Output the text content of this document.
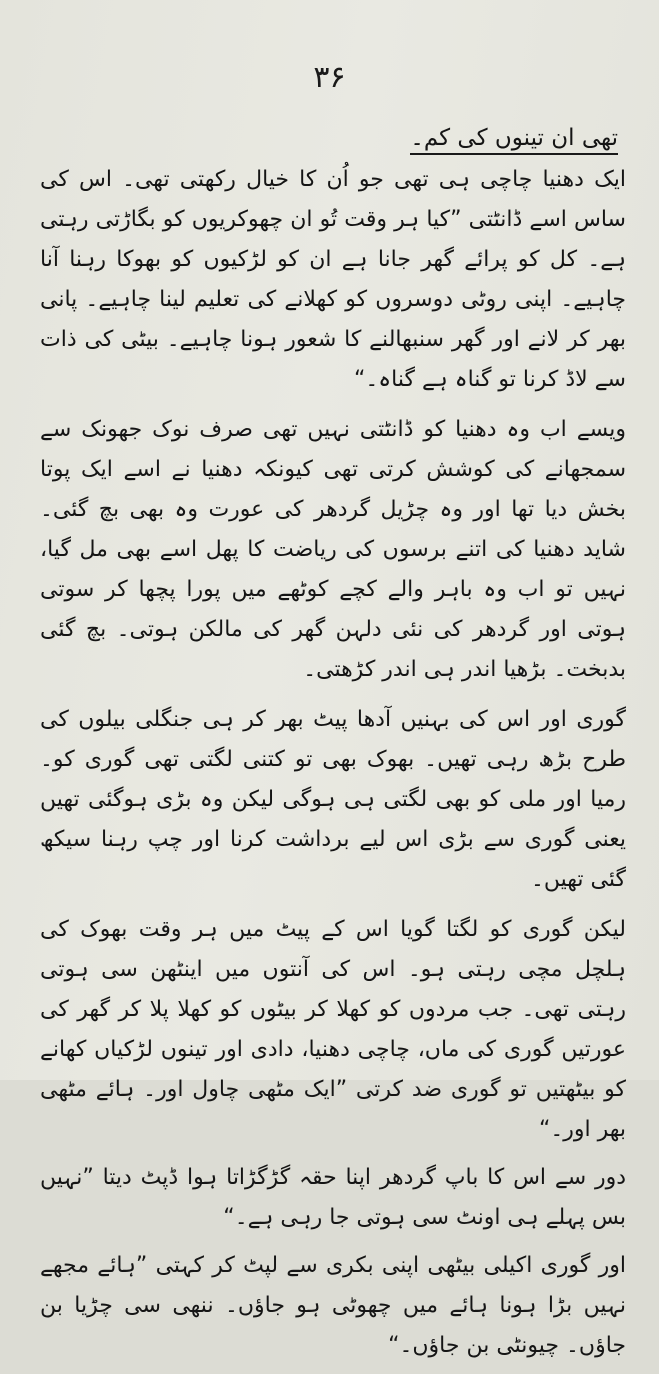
۳۶
تھی ان تینوں کی کم۔

ایک دھنیا چاچی ہی تھی جو اُن کا خیال رکھتی تھی۔ اس کی ساس اسے ڈانٹتی ”کیا ہر وقت تُو ان چھوکریوں کو بگاڑتی رہتی ہے۔ کل کو پرائے گھر جانا ہے ان کو لڑکیوں کو بھوکا رہنا آنا چاہیے۔ اپنی روٹی دوسروں کو کھلانے کی تعلیم لینا چاہیے۔ پانی بھر کر لانے اور گھر سنبھالنے کا شعور ہونا چاہیے۔ بیٹی کی ذات سے لاڈ کرنا تو گناہ ہے گناہ۔“

ویسے اب وہ دھنیا کو ڈانٹتی نہیں تھی صرف نوک جھونک سے سمجھانے کی کوشش کرتی تھی کیونکہ دھنیا نے اسے ایک پوتا بخش دیا تھا اور وہ چڑیل گردھر کی عورت وہ بھی بچ گئی۔ شاید دھنیا کی اتنے برسوں کی ریاضت کا پھل اسے بھی مل گیا، نہیں تو اب وہ باہر والے کچے کوٹھے میں پورا پچھا کر سوتی ہوتی اور گردھر کی نئی دلہن گھر کی مالکن ہوتی۔ بچ گئی بدبخت۔ بڑھیا اندر ہی اندر کڑھتی۔

گوری اور اس کی بہنیں آدھا پیٹ بھر کر ہی جنگلی بیلوں کی طرح بڑھ رہی تھیں۔ بھوک بھی تو کتنی لگتی تھی گوری کو۔ رمیا اور ملی کو بھی لگتی ہی ہوگی لیکن وہ بڑی ہوگئی تھیں یعنی گوری سے بڑی اس لیے برداشت کرنا اور چپ رہنا سیکھ گئی تھیں۔

لیکن گوری کو لگتا گویا اس کے پیٹ میں ہر وقت بھوک کی ہلچل مچی رہتی ہو۔ اس کی آنتوں میں اینٹھن سی ہوتی رہتی تھی۔ جب مردوں کو کھلا کر بیٹوں کو کھلا پلا کر گھر کی عورتیں گوری کی ماں، چاچی دھنیا، دادی اور تینوں لڑکیاں کھانے کو بیٹھتیں تو گوری ضد کرتی ”ایک مٹھی چاول اور۔ ہائے مٹھی بھر اور۔“

دور سے اس کا باپ گردھر اپنا حقہ گڑگڑاتا ہوا ڈپٹ دیتا ”نہیں بس پہلے ہی اونٹ سی ہوتی جا رہی ہے۔“

اور گوری اکیلی بیٹھی اپنی بکری سے لپٹ کر کہتی ”ہائے مجھے نہیں بڑا ہونا ہائے میں چھوٹی ہو جاؤں۔ ننھی سی چڑیا بن جاؤں۔ چیونٹی بن جاؤں۔“
